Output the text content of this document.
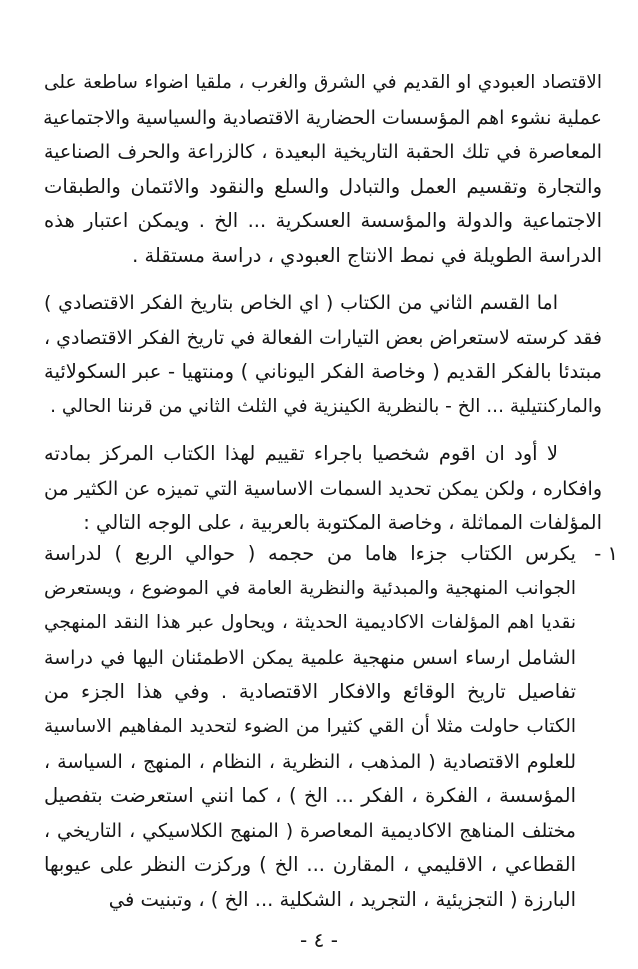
الاقتصاد العبودي او القديم في الشرق والغرب ، ملقيا اضواء ساطعة على
عملية نشوء اهم المؤسسات الحضارية الاقتصادية والسياسية والاجتماعية
المعاصرة في تلك الحقبة التاريخية البعيدة ، كالزراعة والحرف الصناعية
والتجارة وتقسيم العمل والتبادل والسلع والنقود والائتمان والطبقات
الاجتماعية والدولة والمؤسسة العسكرية ... الخ . ويمكن اعتبار هذه
الدراسة الطويلة في نمط الانتاج العبودي ، دراسة مستقلة .
اما القسم الثاني من الكتاب ( اي الخاص بتاريخ الفكر الاقتصادي )
فقد كرسته لاستعراض بعض التيارات الفعالة في تاريخ الفكر الاقتصادي ،
مبتدئا بالفكر القديم ( وخاصة الفكر اليوناني ) ومنتهيا - عبر السكولائية
والماركنتيلية ... الخ - بالنظرية الكينزية في الثلث الثاني من قرننا الحالي .
لا أود ان اقوم شخصيا باجراء تقييم لهذا الكتاب المركز بمادته
وافكاره ، ولكن يمكن تحديد السمات الاساسية التي تميزه عن الكثير من
المؤلفات المماثلة ، وخاصة المكتوبة بالعربية ، على الوجه التالي :
١ -
يكرس الكتاب جزءا هاما من حجمه ( حوالي الربع ) لدراسة
الجوانب المنهجية والمبدئية والنظرية العامة في الموضوع ، ويستعرض
نقديا اهم المؤلفات الاكاديمية الحديثة ، ويحاول عبر هذا النقد المنهجي
الشامل ارساء اسس منهجية علمية يمكن الاطمئنان اليها في دراسة
تفاصيل تاريخ الوقائع والافكار الاقتصادية . وفي هذا الجزء من
الكتاب حاولت مثلا أن القي كثيرا من الضوء لتحديد المفاهيم الاساسية
للعلوم الاقتصادية ( المذهب ، النظرية ، النظام ، المنهج ، السياسة ،
المؤسسة ، الفكرة ، الفكر ... الخ ) ، كما انني استعرضت بتفصيل
مختلف المناهج الاكاديمية المعاصرة ( المنهج الكلاسيكي ، التاريخي ،
القطاعي ، الاقليمي ، المقارن ... الخ ) وركزت النظر على عيوبها
البارزة ( التجزيئية ، التجريد ، الشكلية ... الخ ) ، وتبنيت في
- ٤ -
